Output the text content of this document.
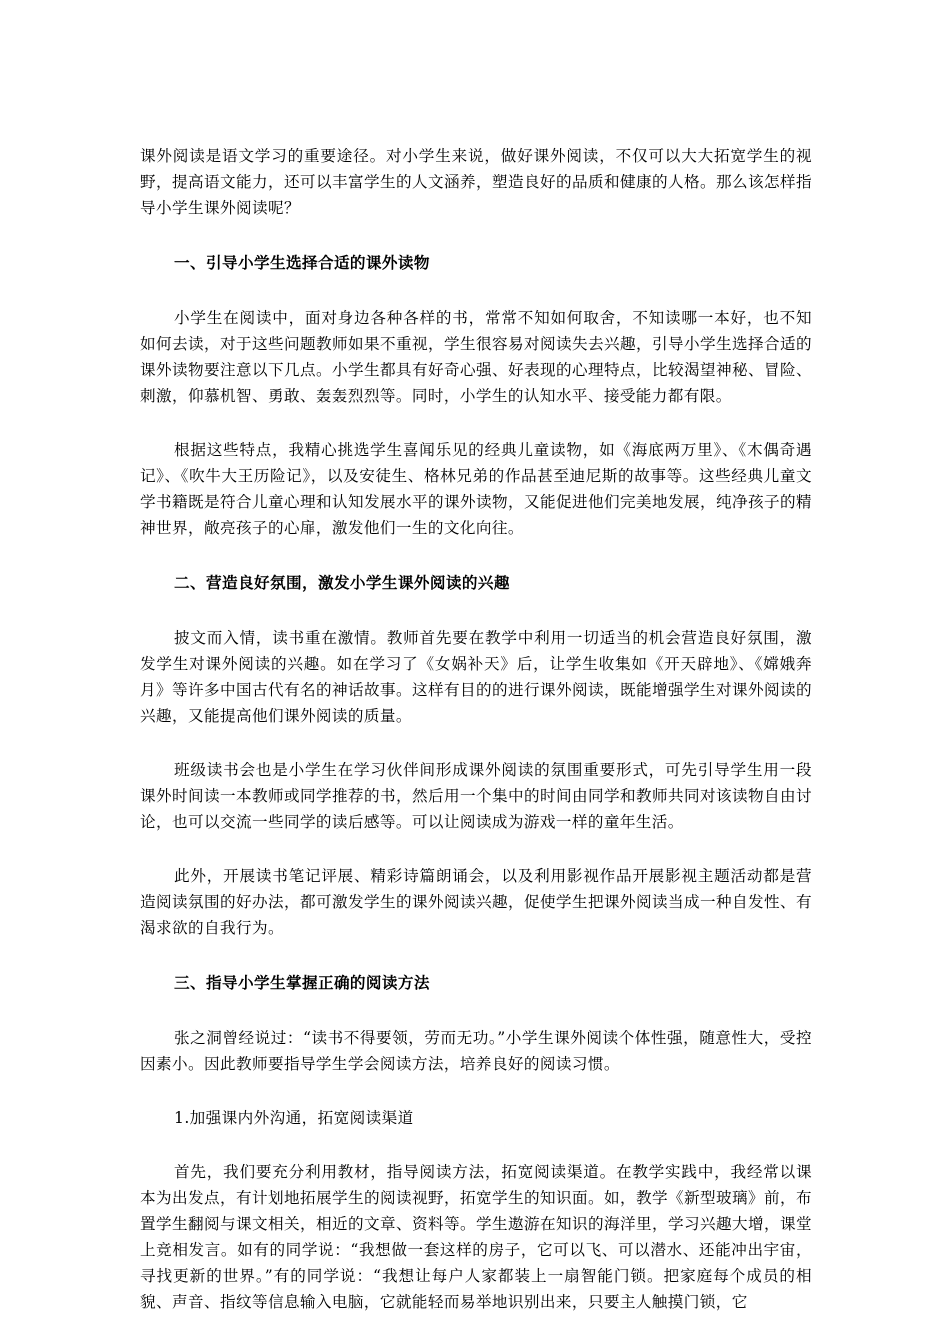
课外阅读是语文学习的重要途径。对小学生来说，做好课外阅读，不仅可以大大拓宽学生的视野，提高语文能力，还可以丰富学生的人文涵养，塑造良好的品质和健康的人格。那么该怎样指导小学生课外阅读呢？

一、引导小学生选择合适的课外读物

小学生在阅读中，面对身边各种各样的书，常常不知如何取舍，不知读哪一本好，也不知如何去读，对于这些问题教师如果不重视，学生很容易对阅读失去兴趣，引导小学生选择合适的课外读物要注意以下几点。小学生都具有好奇心强、好表现的心理特点，比较渴望神秘、冒险、刺激，仰慕机智、勇敢、轰轰烈烈等。同时，小学生的认知水平、接受能力都有限。

根据这些特点，我精心挑选学生喜闻乐见的经典儿童读物，如《海底两万里》、《木偶奇遇记》、《吹牛大王历险记》，以及安徒生、格林兄弟的作品甚至迪尼斯的故事等。这些经典儿童文学书籍既是符合儿童心理和认知发展水平的课外读物，又能促进他们完美地发展，纯净孩子的精神世界，敞亮孩子的心扉，激发他们一生的文化向往。

二、营造良好氛围，激发小学生课外阅读的兴趣

披文而入情，读书重在激情。教师首先要在教学中利用一切适当的机会营造良好氛围，激发学生对课外阅读的兴趣。如在学习了《女娲补天》后，让学生收集如《开天辟地》、《嫦娥奔月》等许多中国古代有名的神话故事。这样有目的的进行课外阅读，既能增强学生对课外阅读的兴趣，又能提高他们课外阅读的质量。

班级读书会也是小学生在学习伙伴间形成课外阅读的氛围重要形式，可先引导学生用一段课外时间读一本教师或同学推荐的书，然后用一个集中的时间由同学和教师共同对该读物自由讨论，也可以交流一些同学的读后感等。可以让阅读成为游戏一样的童年生活。

此外，开展读书笔记评展、精彩诗篇朗诵会，以及利用影视作品开展影视主题活动都是营造阅读氛围的好办法，都可激发学生的课外阅读兴趣，促使学生把课外阅读当成一种自发性、有渴求欲的自我行为。

三、指导小学生掌握正确的阅读方法

张之洞曾经说过：“读书不得要领，劳而无功。”小学生课外阅读个体性强，随意性大，受控因素小。因此教师要指导学生学会阅读方法，培养良好的阅读习惯。

1.加强课内外沟通，拓宽阅读渠道

首先，我们要充分利用教材，指导阅读方法，拓宽阅读渠道。在教学实践中，我经常以课本为出发点，有计划地拓展学生的阅读视野，拓宽学生的知识面。如，教学《新型玻璃》前，布置学生翻阅与课文相关，相近的文章、资料等。学生遨游在知识的海洋里，学习兴趣大增，课堂上竞相发言。如有的同学说：“我想做一套这样的房子，它可以飞、可以潜水、还能冲出宇宙，寻找更新的世界。”有的同学说：“我想让每户人家都装上一扇智能门锁。把家庭每个成员的相貌、声音、指纹等信息输入电脑，它就能轻而易举地识别出来，只要主人触摸门锁，它
